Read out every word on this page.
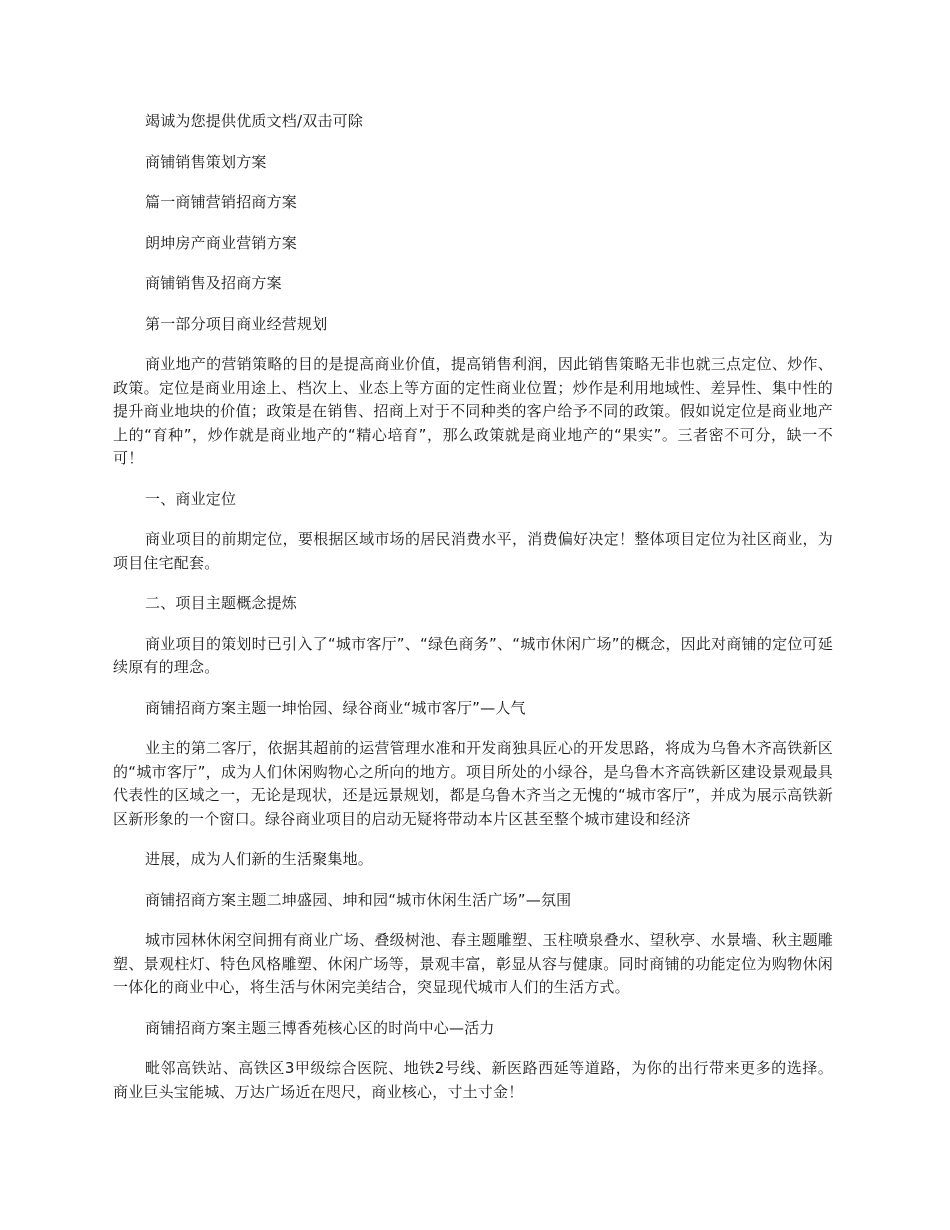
竭诚为您提供优质文档/双击可除

商铺销售策划方案

篇一商铺营销招商方案

朗坤房产商业营销方案

商铺销售及招商方案

第一部分项目商业经营规划

商业地产的营销策略的目的是提高商业价值，提高销售利润，因此销售策略无非也就三点定位、炒作、政策。定位是商业用途上、档次上、业态上等方面的定性商业位置；炒作是利用地域性、差异性、集中性的提升商业地块的价值；政策是在销售、招商上对于不同种类的客户给予不同的政策。假如说定位是商业地产上的“育种”，炒作就是商业地产的“精心培育”，那么政策就是商业地产的“果实”。三者密不可分，缺一不可！

一、商业定位

商业项目的前期定位，要根据区域市场的居民消费水平，消费偏好决定！整体项目定位为社区商业，为项目住宅配套。

二、项目主题概念提炼

商业项目的策划时已引入了“城市客厅”、“绿色商务”、“城市休闲广场”的概念，因此对商铺的定位可延续原有的理念。

商铺招商方案主题一坤怡园、绿谷商业“城市客厅”—人气

业主的第二客厅，依据其超前的运营管理水准和开发商独具匠心的开发思路，将成为乌鲁木齐高铁新区的“城市客厅”，成为人们休闲购物心之所向的地方。项目所处的小绿谷，是乌鲁木齐高铁新区建设景观最具代表性的区域之一，无论是现状，还是远景规划，都是乌鲁木齐当之无愧的“城市客厅”，并成为展示高铁新区新形象的一个窗口。绿谷商业项目的启动无疑将带动本片区甚至整个城市建设和经济

进展，成为人们新的生活聚集地。

商铺招商方案主题二坤盛园、坤和园“城市休闲生活广场”—氛围

城市园林休闲空间拥有商业广场、叠级树池、春主题雕塑、玉柱喷泉叠水、望秋亭、水景墙、秋主题雕塑、景观柱灯、特色风格雕塑、休闲广场等，景观丰富，彰显从容与健康。同时商铺的功能定位为购物休闲一体化的商业中心，将生活与休闲完美结合，突显现代城市人们的生活方式。

商铺招商方案主题三博香苑核心区的时尚中心—活力

毗邻高铁站、高铁区3甲级综合医院、地铁2号线、新医路西延等道路，为你的出行带来更多的选择。商业巨头宝能城、万达广场近在咫尺，商业核心，寸土寸金！
